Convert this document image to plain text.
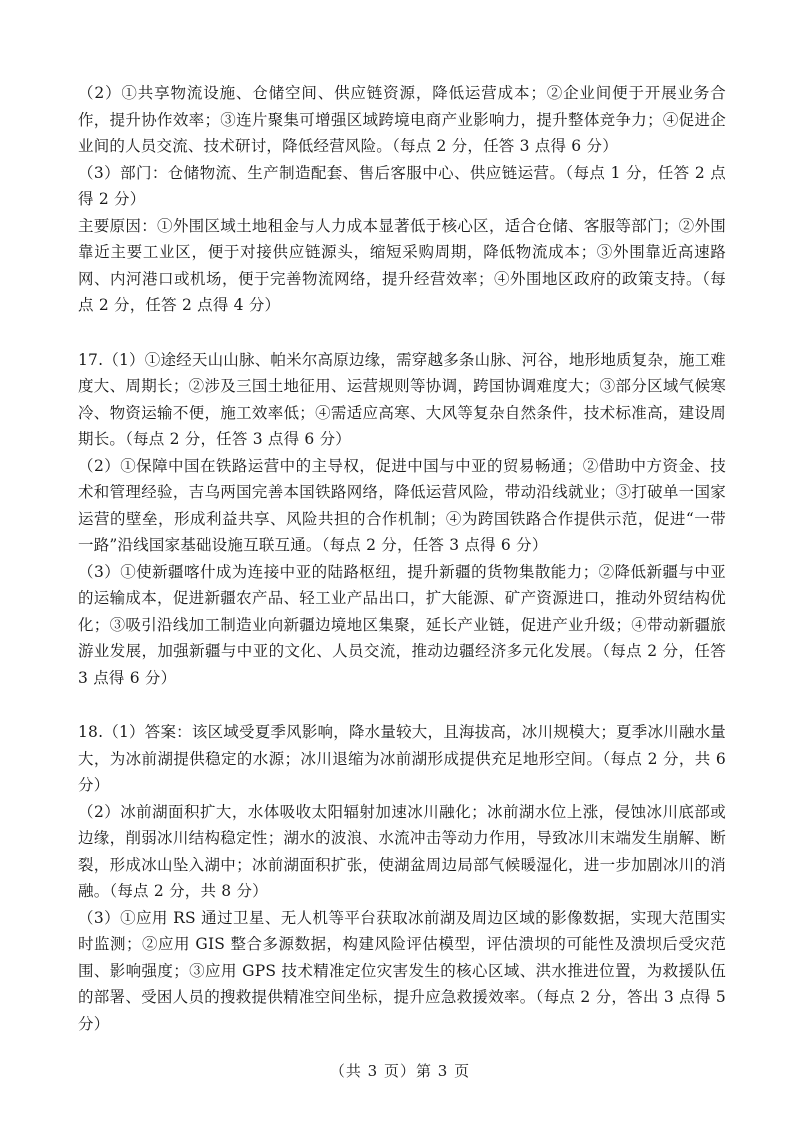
（2）①共享物流设施、仓储空间、供应链资源，降低运营成本；②企业间便于开展业务合作，提升协作效率；③连片聚集可增强区域跨境电商产业影响力，提升整体竞争力；④促进企业间的人员交流、技术研讨，降低经营风险。（每点 2 分，任答 3 点得 6 分）

（3）部门：仓储物流、生产制造配套、售后客服中心、供应链运营。（每点 1 分，任答 2 点得 2 分）

主要原因：①外围区域土地租金与人力成本显著低于核心区，适合仓储、客服等部门；②外围靠近主要工业区，便于对接供应链源头，缩短采购周期，降低物流成本；③外围靠近高速路网、内河港口或机场，便于完善物流网络，提升经营效率；④外围地区政府的政策支持。（每点 2 分，任答 2 点得 4 分）

17.（1）①途经天山山脉、帕米尔高原边缘，需穿越多条山脉、河谷，地形地质复杂，施工难度大、周期长；②涉及三国土地征用、运营规则等协调，跨国协调难度大；③部分区域气候寒冷、物资运输不便，施工效率低；④需适应高寒、大风等复杂自然条件，技术标准高，建设周期长。（每点 2 分，任答 3 点得 6 分）

（2）①保障中国在铁路运营中的主导权，促进中国与中亚的贸易畅通；②借助中方资金、技术和管理经验，吉乌两国完善本国铁路网络，降低运营风险，带动沿线就业；③打破单一国家运营的壁垒，形成利益共享、风险共担的合作机制；④为跨国铁路合作提供示范，促进“一带一路”沿线国家基础设施互联互通。（每点 2 分，任答 3 点得 6 分）

（3）①使新疆喀什成为连接中亚的陆路枢纽，提升新疆的货物集散能力；②降低新疆与中亚的运输成本，促进新疆农产品、轻工业产品出口，扩大能源、矿产资源进口，推动外贸结构优化；③吸引沿线加工制造业向新疆边境地区集聚，延长产业链，促进产业升级；④带动新疆旅游业发展，加强新疆与中亚的文化、人员交流，推动边疆经济多元化发展。（每点 2 分，任答 3 点得 6 分）

18.（1）答案：该区域受夏季风影响，降水量较大，且海拔高，冰川规模大；夏季冰川融水量大，为冰前湖提供稳定的水源；冰川退缩为冰前湖形成提供充足地形空间。（每点 2 分，共 6 分）

（2）冰前湖面积扩大，水体吸收太阳辐射加速冰川融化；冰前湖水位上涨，侵蚀冰川底部或边缘，削弱冰川结构稳定性；湖水的波浪、水流冲击等动力作用，导致冰川末端发生崩解、断裂，形成冰山坠入湖中；冰前湖面积扩张，使湖盆周边局部气候暖湿化，进一步加剧冰川的消融。（每点 2 分，共 8 分）

（3）①应用 RS 通过卫星、无人机等平台获取冰前湖及周边区域的影像数据，实现大范围实时监测；②应用 GIS 整合多源数据，构建风险评估模型，评估溃坝的可能性及溃坝后受灾范围、影响强度；③应用 GPS 技术精准定位灾害发生的核心区域、洪水推进位置，为救援队伍的部署、受困人员的搜救提供精准空间坐标，提升应急救援效率。（每点 2 分，答出 3 点得 5 分）

（共 3 页）第 3 页
